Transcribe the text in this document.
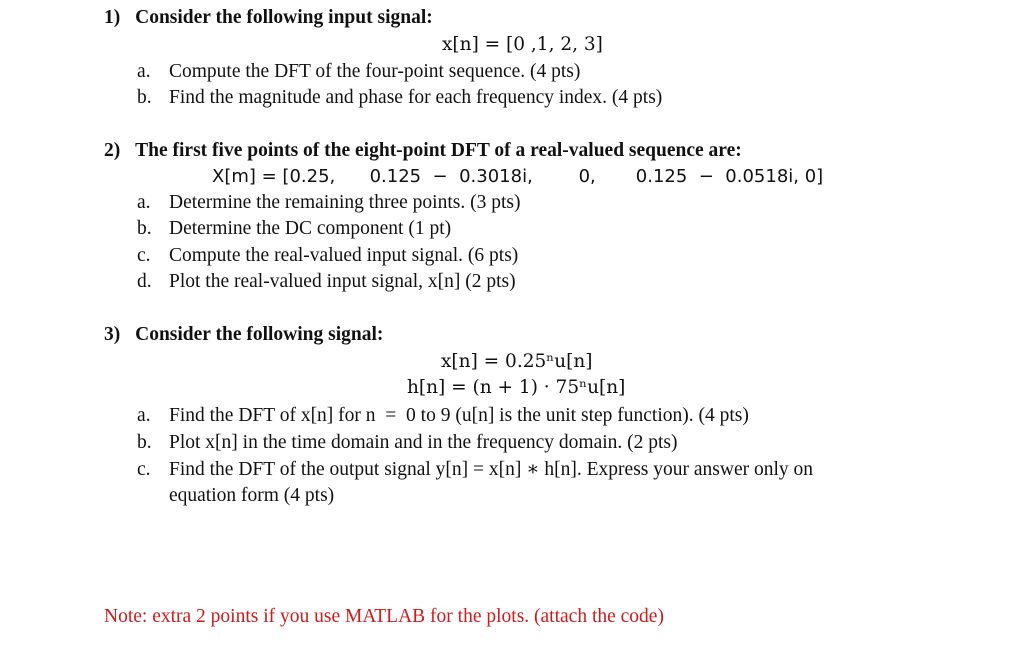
1) Consider the following input signal:
x[n] = [0 ,1, 2, 3]
a. Compute the DFT of the four-point sequence. (4 pts)
b. Find the magnitude and phase for each frequency index. (4 pts)
2) The first five points of the eight-point DFT of a real-valued sequence are:
X[m] = [0.25,      0.125  −  0.3018i,        0,       0.125  −  0.0518i, 0]
a. Determine the remaining three points. (3 pts)
b. Determine the DC component (1 pt)
c. Compute the real-valued input signal. (6 pts)
d. Plot the real-valued input signal, x[n] (2 pts)
3) Consider the following signal:
x[n] = 0.25ⁿu[n]
h[n] = (n + 1) · 75ⁿu[n]
a. Find the DFT of x[n] for n  =  0 to 9 (u[n] is the unit step function). (4 pts)
b. Plot x[n] in the time domain and in the frequency domain. (2 pts)
c. Find the DFT of the output signal y[n] = x[n] ∗ h[n]. Express your answer only on
equation form (4 pts)
Note: extra 2 points if you use MATLAB for the plots. (attach the code)
